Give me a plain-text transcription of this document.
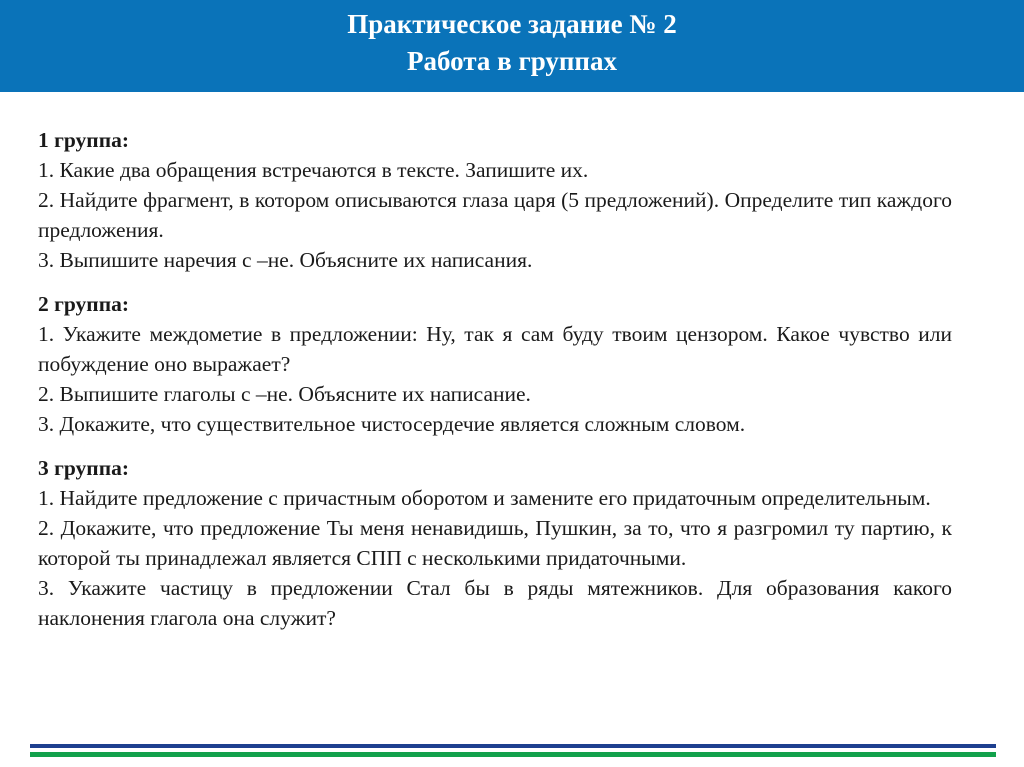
Практическое задание № 2
Работа в группах
1 группа:
1. Какие два обращения встречаются в тексте. Запишите их.
2. Найдите фрагмент, в котором описываются глаза царя (5 предложений). Определите тип каждого предложения.
3. Выпишите наречия с –не. Объясните их написания.
2 группа:
1. Укажите междометие в предложении: Ну, так я сам буду твоим цензором. Какое чувство или побуждение оно выражает?
2. Выпишите глаголы с –не. Объясните их написание.
3. Докажите, что существительное чистосердечие является сложным словом.
3 группа:
1. Найдите предложение с причастным оборотом и замените его придаточным определительным.
2. Докажите, что предложение Ты меня ненавидишь, Пушкин, за то, что я разгромил ту партию, к которой ты принадлежал является СПП с несколькими придаточными.
3. Укажите частицу в предложении Стал бы в ряды мятежников. Для образования какого наклонения глагола она служит?
